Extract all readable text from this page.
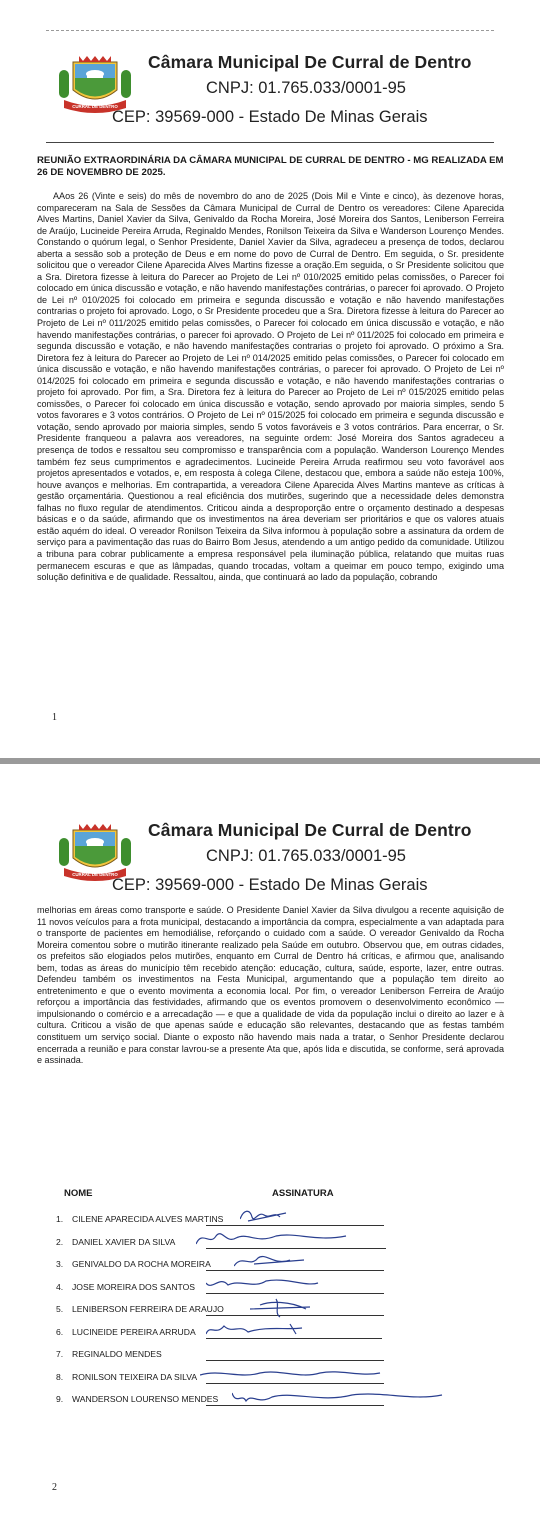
CURRAL DE DENTRO
Câmara Municipal De Curral de Dentro
CNPJ: 01.765.033/0001-95
CEP: 39569-000 - Estado De Minas Gerais
REUNIÃO EXTRAORDINÁRIA DA CÂMARA MUNICIPAL DE CURRAL DE DENTRO - MG REALIZADA EM 26 DE NOVEMBRO DE 2025.
AAos 26 (Vinte e seis) do mês de novembro do ano de 2025 (Dois Mil e Vinte e cinco), às dezenove horas, compareceram na Sala de Sessões da Câmara Municipal de Curral de Dentro os vereadores: Cilene Aparecida Alves Martins, Daniel Xavier da Silva, Genivaldo da Rocha Moreira, José Moreira dos Santos, Leniberson Ferreira de Araújo, Lucineide Pereira Arruda, Reginaldo Mendes, Ronilson Teixeira da Silva e Wanderson Lourenço Mendes. Constando o quórum legal, o Senhor Presidente, Daniel Xavier da Silva, agradeceu a presença de todos, declarou aberta a sessão sob a proteção de Deus e em nome do povo de Curral de Dentro. Em seguida, o Sr. presidente solicitou que o vereador Cilene Aparecida Alves Martins fizesse a oração.Em seguida, o Sr Presidente solicitou que a Sra. Diretora fizesse à leitura do Parecer ao Projeto de Lei nº 010/2025 emitido pelas comissões, o Parecer foi colocado em única discussão e votação, e não havendo manifestações contrárias, o parecer foi aprovado. O Projeto de Lei nº 010/2025 foi colocado em primeira e segunda discussão e votação e não havendo manifestações contrarias o projeto foi aprovado. Logo, o Sr Presidente procedeu que a Sra. Diretora fizesse à leitura do Parecer ao Projeto de Lei nº 011/2025 emitido pelas comissões, o Parecer foi colocado em única discussão e votação, e não havendo manifestações contrárias, o parecer foi aprovado. O Projeto de Lei nº 011/2025 foi colocado em primeira e segunda discussão e votação, e não havendo manifestações contrarias o projeto foi aprovado. O próximo a Sra. Diretora fez à leitura do Parecer ao Projeto de Lei nº 014/2025 emitido pelas comissões, o Parecer foi colocado em única discussão e votação, e não havendo manifestações contrárias, o parecer foi aprovado. O Projeto de Lei nº 014/2025 foi colocado em primeira e segunda discussão e votação, e não havendo manifestações contrarias o projeto foi aprovado. Por fim, a Sra. Diretora fez à leitura do Parecer ao Projeto de Lei nº 015/2025 emitido pelas comissões, o Parecer foi colocado em única discussão e votação, sendo aprovado por maioria simples, sendo 5 votos favorares e 3 votos contrários. O Projeto de Lei nº 015/2025 foi colocado em primeira e segunda discussão e votação, sendo aprovado por maioria simples, sendo 5 votos favoráveis e 3 votos contrários. Para encerrar, o Sr. Presidente franqueou a palavra aos vereadores, na seguinte ordem: José Moreira dos Santos agradeceu a presença de todos e ressaltou seu compromisso e transparência com a população. Wanderson Lourenço Mendes também fez seus cumprimentos e agradecimentos. Lucineide Pereira Arruda reafirmou seu voto favorável aos projetos apresentados e votados, e, em resposta à colega Cilene, destacou que, embora a saúde não esteja 100%, houve avanços e melhorias. Em contrapartida, a vereadora Cilene Aparecida Alves Martins manteve as críticas à gestão orçamentária. Questionou a real eficiência dos mutirões, sugerindo que a necessidade deles demonstra falhas no fluxo regular de atendimentos. Criticou ainda a desproporção entre o orçamento destinado a despesas básicas e o da saúde, afirmando que os investimentos na área deveriam ser prioritários e que os valores atuais estão aquém do ideal. O vereador Ronilson Teixeira da Silva informou à população sobre a assinatura da ordem de serviço para a pavimentação das ruas do Bairro Bom Jesus, atendendo a um antigo pedido da comunidade. Utilizou a tribuna para cobrar publicamente a empresa responsável pela iluminação pública, relatando que muitas ruas permanecem escuras e que as lâmpadas, quando trocadas, voltam a queimar em pouco tempo, exigindo uma solução definitiva e de qualidade. Ressaltou, ainda, que continuará ao lado da população, cobrando
1
CURRAL DE DENTRO
Câmara Municipal De Curral de Dentro
CNPJ: 01.765.033/0001-95
CEP: 39569-000 - Estado De Minas Gerais
melhorias em áreas como transporte e saúde. O Presidente Daniel Xavier da Silva divulgou a recente aquisição de 11 novos veículos para a frota municipal, destacando a importância da compra, especialmente a van adaptada para o transporte de pacientes em hemodiálise, reforçando o cuidado com a saúde. O vereador Genivaldo da Rocha Moreira comentou sobre o mutirão itinerante realizado pela Saúde em outubro. Observou que, em outras cidades, os prefeitos são elogiados pelos mutirões, enquanto em Curral de Dentro há críticas, e afirmou que, analisando bem, todas as áreas do município têm recebido atenção: educação, cultura, saúde, esporte, lazer, entre outras. Defendeu também os investimentos na Festa Municipal, argumentando que a população tem direito ao entretenimento e que o evento movimenta a economia local. Por fim, o vereador Leniberson Ferreira de Araújo reforçou a importância das festividades, afirmando que os eventos promovem o desenvolvimento econômico — impulsionando o comércio e a arrecadação — e que a qualidade de vida da população inclui o direito ao lazer e à cultura. Criticou a visão de que apenas saúde e educação são relevantes, destacando que as festas também constituem um serviço social. Diante o exposto não havendo mais nada a tratar, o Senhor Presidente declarou encerrada a reunião e para constar lavrou-se a presente Ata que, após lida e discutida, se conforme, será aprovada e assinada.
NOME	ASSINATURA
1.	CILENE APARECIDA ALVES MARTINS
2.	DANIEL XAVIER DA SILVA
3.	GENIVALDO DA ROCHA MOREIRA
4.	JOSE MOREIRA DOS SANTOS
5.	LENIBERSON FERREIRA DE ARAUJO
6.	LUCINEIDE PEREIRA ARRUDA
7.	REGINALDO MENDES
8.	RONILSON TEIXEIRA DA SILVA
9.	WANDERSON LOURENSO MENDES
2
